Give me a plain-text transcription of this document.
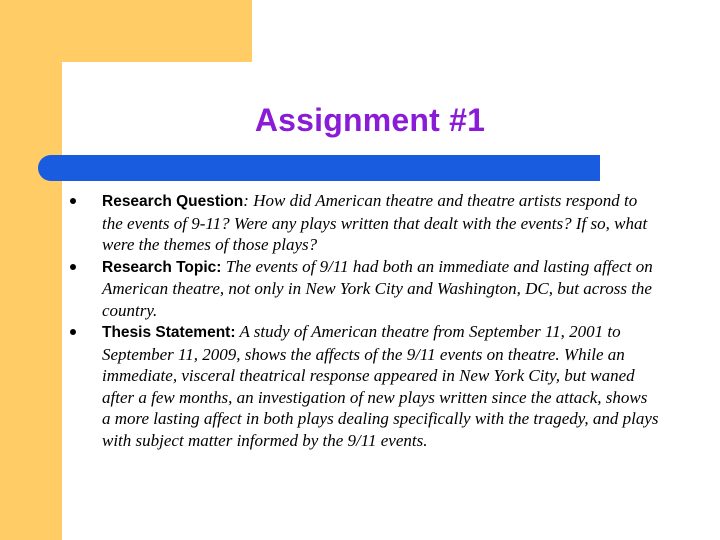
Assignment #1
Research Question: How did American theatre and theatre artists respond to the events of 9-11? Were any plays written that dealt with the events? If so, what were the themes of those plays?
Research Topic: The events of 9/11 had both an immediate and lasting affect on American theatre, not only in New York City and Washington, DC, but across the country.
Thesis Statement: A study of American theatre from September 11, 2001 to September 11, 2009, shows the affects of the 9/11 events on theatre. While an immediate, visceral theatrical response appeared in New York City, but waned after a few months, an investigation of new plays written since the attack, shows a more lasting affect in both plays dealing specifically with the tragedy, and plays with subject matter informed by the 9/11 events.
